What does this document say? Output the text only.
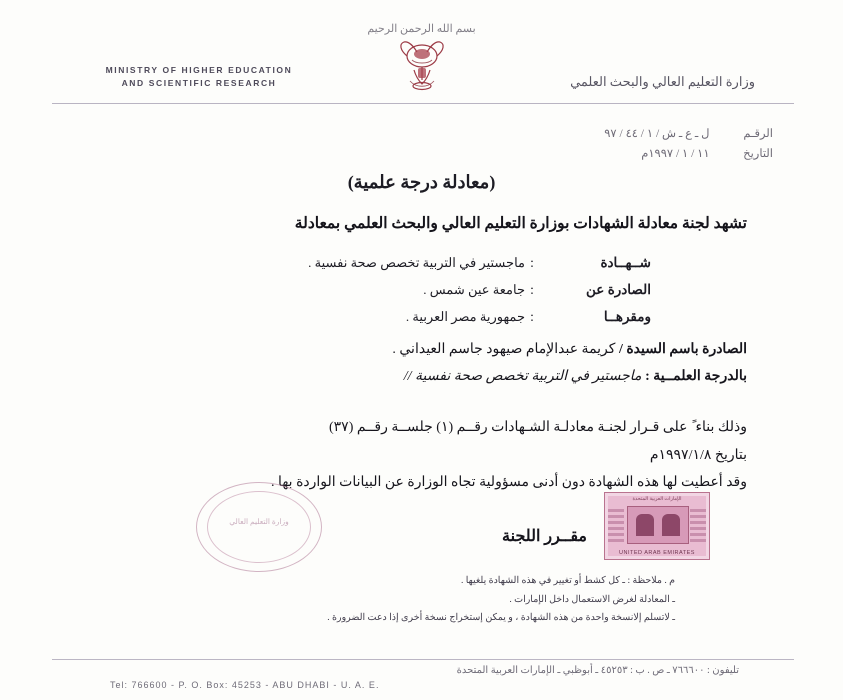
بسم الله الرحمن الرحيم
MINISTRY OF HIGHER EDUCATION
AND SCIENTIFIC RESEARCH	وزارة التعليم العالي والبحث العلمي
الرقـم ل ـ ع ـ ش / ١ / ٤٤ / ٩٧
التاريخ ١١ / ١ / ١٩٩٧م
(معادلة درجة علمية)

تشهد لجنة معادلة الشهادات بوزارة التعليم العالي والبحث العلمي بمعادلة

شــهــادة
:
ماجستير في التربية تخصص صحة نفسية .
الصادرة عن
:
جامعة عين شمس .
ومقرهــا
:
جمهورية مصر العربية .
الصادرة باسم السيدة / كريمة عبدالإمام صيهود جاسم العيداني .
بالدرجة العلمــية : ماجستير في التربية تخصص صحة نفسية //
وذلك بناء ً على قـرار لجنـة معادلـة الشـهادات رقــم (١) جلســة رقــم (٣٧)
بتاريخ ١٩٩٧/١/٨م
وقد أعطيت لها هذه الشهادة دون أدنى مسؤولية تجاه الوزارة عن البيانات الواردة بها .
مقــرر اللجنة
وزارة التعليم العالي
الإمارات العربية المتحدة
UNITED ARAB EMIRATES
م . ملاحظة : ـ كل كشط أو تغيير في هذه الشهادة يلغيها .
ـ المعادلة لغرض الاستعمال داخل الإمارات .
ـ لاتسلم إلانسخة واحدة من هذه الشهادة ، و يمكن إستخراج نسخة أخرى إذا دعت الضرورة .
تليفون : ٧٦٦٦٠٠ ـ ص . ب : ٤٥٢٥٣ ـ أبوظبي ـ الإمارات العربية المتحدة
Tel: 766600 - P. O. Box: 45253 - ABU DHABI - U. A. E.
